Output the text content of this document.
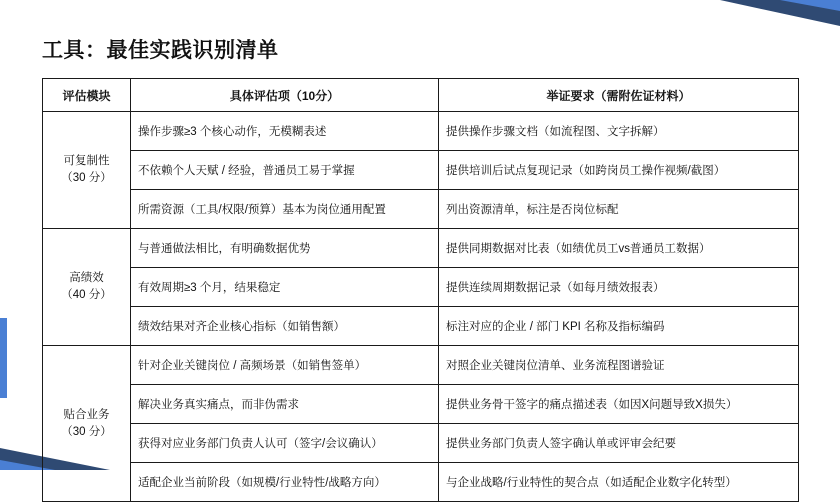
工具：最佳实践识别清单
评估模块	具体评估项（10分）	举证要求（需附佐证材料）

可复制性
（30 分）	操作步骤≥3 个核心动作，无模糊表述	提供操作步骤文档（如流程图、文字拆解）
	不依赖个人天赋 / 经验，普通员工易于掌握	提供培训后试点复现记录（如跨岗员工操作视频/截图）
	所需资源（工具/权限/预算）基本为岗位通用配置	列出资源清单，标注是否岗位标配

高绩效
（40 分）	与普通做法相比，有明确数据优势	提供同期数据对比表（如绩优员工vs普通员工数据）
	有效周期≥3 个月，结果稳定	提供连续周期数据记录（如每月绩效报表）
	绩效结果对齐企业核心指标（如销售额）	标注对应的企业 / 部门 KPI 名称及指标编码

贴合业务
（30 分）	针对企业关键岗位 / 高频场景（如销售签单）	对照企业关键岗位清单、业务流程图谱验证
	解决业务真实痛点，而非伪需求	提供业务骨干签字的痛点描述表（如因X问题导致X损失）
	获得对应业务部门负责人认可（签字/会议确认）	提供业务部门负责人签字确认单或评审会纪要
	适配企业当前阶段（如规模/行业特性/战略方向）	与企业战略/行业特性的契合点（如适配企业数字化转型）
